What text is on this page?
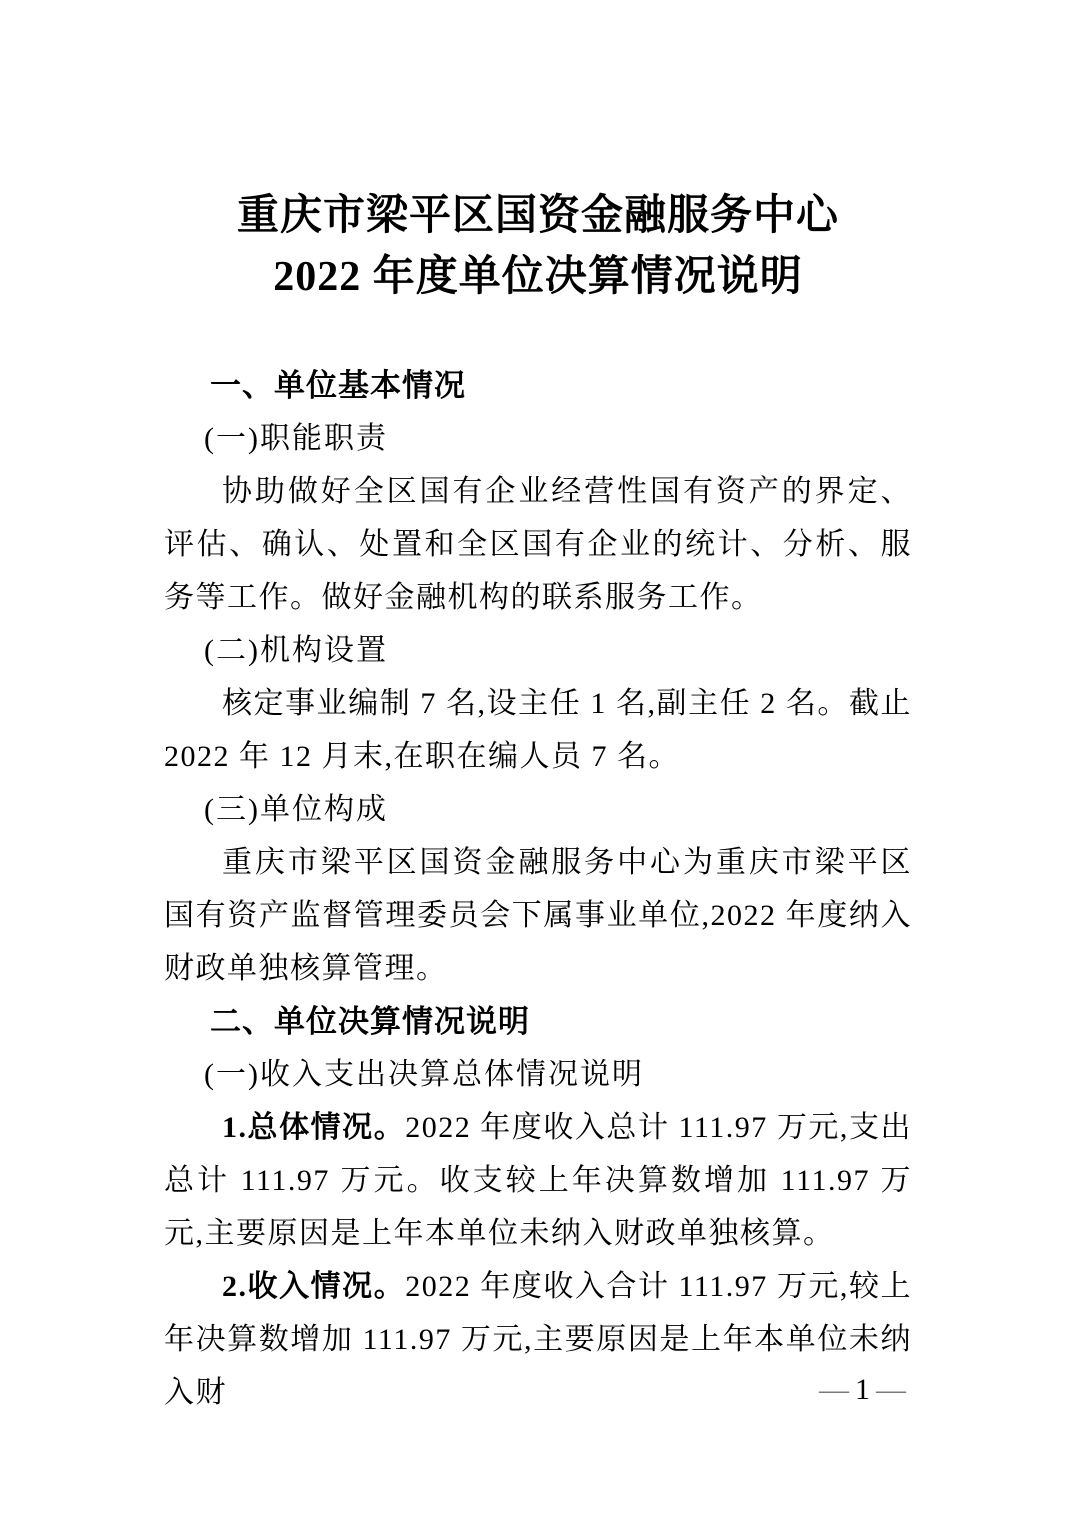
重庆市梁平区国资金融服务中心
2022 年度单位决算情况说明
一、单位基本情况
(一)职能职责

协助做好全区国有企业经营性国有资产的界定、评估、确认、处置和全区国有企业的统计、分析、服务等工作。做好金融机构的联系服务工作。

(二)机构设置

核定事业编制 7 名,设主任 1 名,副主任 2 名。截止 2022 年 12 月末,在职在编人员 7 名。

(三)单位构成

重庆市梁平区国资金融服务中心为重庆市梁平区国有资产监督管理委员会下属事业单位,2022 年度纳入财政单独核算管理。

二、单位决算情况说明
(一)收入支出决算总体情况说明

1.总体情况。2022 年度收入总计 111.97 万元,支出总计 111.97 万元。收支较上年决算数增加 111.97 万元,主要原因是上年本单位未纳入财政单独核算。

2.收入情况。2022 年度收入合计 111.97 万元,较上年决算数增加 111.97 万元,主要原因是上年本单位未纳入财	— 1 —
